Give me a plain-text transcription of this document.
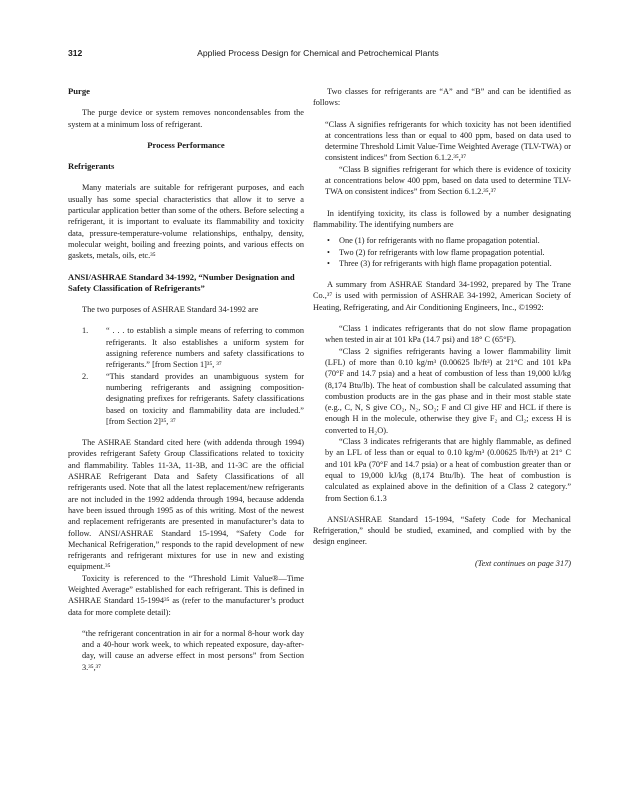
312	Applied Process Design for Chemical and Petrochemical Plants
Purge

The purge device or system removes noncondensables from the system at a minimum loss of refrigerant.

Process Performance
Refrigerants

Many materials are suitable for refrigerant purposes, and each usually has some special characteristics that allow it to serve a particular application better than some of the others. Before selecting a refrigerant, it is important to evaluate its flammability and toxicity data, pressure-temperature-volume relationships, enthalpy, density, molecular weight, boiling and freezing points, and various effects on gaskets, metals, oils, etc.³⁵

ANSI/ASHRAE Standard 34-1992, “Number Designation and Safety Classification of Refrigerants”

The two purposes of ASHRAE Standard 34-1992 are

1. “ . . . to establish a simple means of referring to common refrigerants. It also establishes a uniform system for assigning reference numbers and safety classifications to refrigerants.” [from Section 1]³⁵, ³⁷

2. “This standard provides an unambiguous system for numbering refrigerants and assigning composition-designating prefixes for refrigerants. Safety classifications based on toxicity and flammability data are included.” [from Section 2]³⁵, ³⁷

The ASHRAE Standard cited here (with addenda through 1994) provides refrigerant Safety Group Classifications related to toxicity and flammability. Tables 11-3A, 11-3B, and 11-3C are the official ASHRAE Refrigerant Data and Safety Classifications of all refrigerants used. Note that all the latest replacement/new refrigerants are not included in the 1992 addenda through 1994, because addenda have been issued through 1995 as of this writing. Most of the newest and replacement refrigerants are presented in manufacturer’s data to follow. ANSI/ASHRAE Standard 15-1994, “Safety Code for Mechanical Refrigeration,” responds to the rapid development of new refrigerants and refrigerant mixtures for use in new and existing equipment.³⁵

Toxicity is referenced to the “Threshold Limit Value®—Time Weighted Average” established for each refrigerant. This is defined in ASHRAE Standard 15-1994³⁵ as (refer to the manufacturer’s product data for more complete detail):

“the refrigerant concentration in air for a normal 8-hour work day and a 40-hour work week, to which repeated exposure, day-after-day, will cause an adverse effect in most persons” from Section 3.³⁵,³⁷

Two classes for refrigerants are “A” and “B” and can be identified as follows:

“Class A signifies refrigerants for which toxicity has not been identified at concentrations less than or equal to 400 ppm, based on data used to determine Threshold Limit Value-Time Weighted Average (TLV-TWA) or consistent indices” from Section 6.1.2.³⁵,³⁷

“Class B signifies refrigerant for which there is evidence of toxicity at concentrations below 400 ppm, based on data used to determine TLV-TWA on consistent indices” from Section 6.1.2.³⁵,³⁷

In identifying toxicity, its class is followed by a number designating flammability. The identifying numbers are

• One (1) for refrigerants with no flame propagation potential.

• Two (2) for refrigerants with low flame propagation potential.

• Three (3) for refrigerants with high flame propagation potential.

A summary from ASHRAE Standard 34-1992, prepared by The Trane Co.,³⁷ is used with permission of ASHRAE 34-1992, American Society of Heating, Refrigerating, and Air Conditioning Engineers, Inc., ©1992:

“Class 1 indicates refrigerants that do not slow flame propagation when tested in air at 101 kPa (14.7 psi) and 18° C (65°F).

“Class 2 signifies refrigerants having a lower flammability limit (LFL) of more than 0.10 kg/m³ (0.00625 lb/ft³) at 21°C and 101 kPa (70°F and 14.7 psia) and a heat of combustion of less than 19,000 kJ/kg (8,174 Btu/lb). The heat of combustion shall be calculated assuming that combustion products are in the gas phase and in their most stable state (e.g., C, N, S give CO₂, N₂, SO₂; F and Cl give HF and HCL if there is enough H in the molecule, otherwise they give F₂ and Cl₂; excess H is converted to H₂O).

“Class 3 indicates refrigerants that are highly flammable, as defined by an LFL of less than or equal to 0.10 kg/m³ (0.00625 lb/ft³) at 21° C and 101 kPa (70°F and 14.7 psia) or a heat of combustion greater than or equal to 19,000 kJ/kg (8,174 Btu/lb). The heat of combustion is calculated as explained above in the definition of a Class 2 category.” from Section 6.1.3

ANSI/ASHRAE Standard 15-1994, “Safety Code for Mechanical Refrigeration,” should be studied, examined, and complied with by the design engineer.

(Text continues on page 317)
